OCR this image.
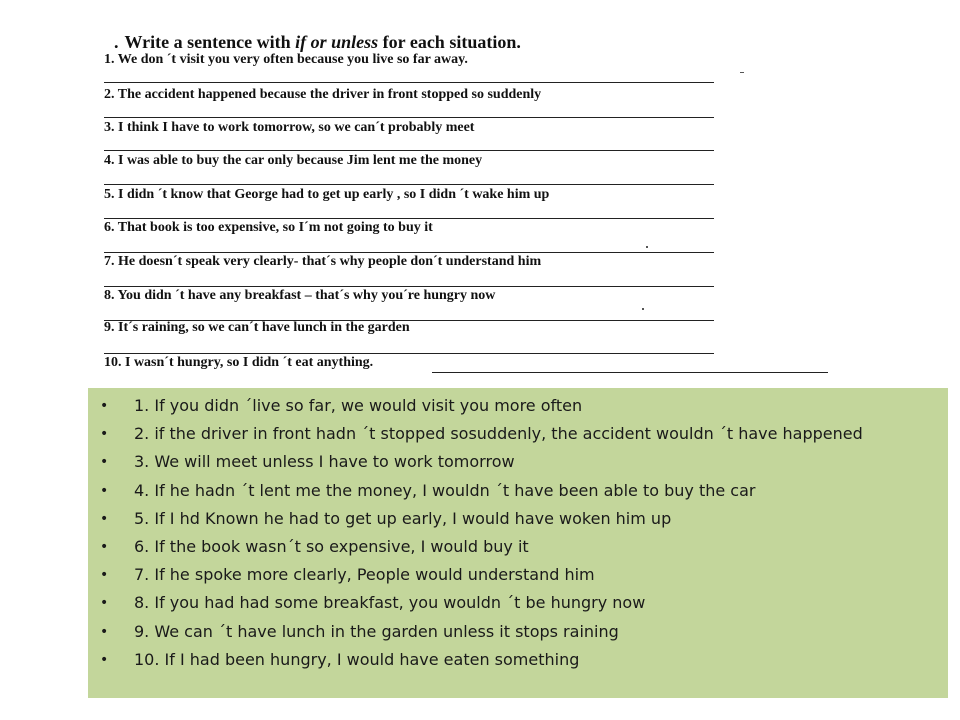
. Write a sentence with if or unless for each situation.
1. We don ´t visit you very often because you live so far away.
2. The accident happened because the driver in front stopped so suddenly
3. I think I have to work tomorrow, so we can´t probably meet
4. I was able to buy the car only because Jim lent me the money
5. I didn ´t know that George had to get up early , so I didn ´t wake him up
6. That book is too expensive, so I´m not going to buy it
7. He doesn´t speak very clearly- that´s why people don´t understand him
8. You didn ´t have any breakfast – that´s why you´re hungry now
9. It´s raining, so we can´t have lunch in the garden
10. I wasn´t hungry, so I didn ´t eat anything.
• 1. If you didn ´live so far, we would visit you more often
• 2. if the driver in front hadn ´t stopped sosuddenly, the accident wouldn ´t have happened
• 3. We will meet unless I have to work tomorrow
• 4. If he hadn ´t lent me the money, I wouldn ´t have been able to buy the car
• 5. If I hd Known he had to get up early, I would have woken him up
• 6. If the book wasn´t so expensive, I would buy it
• 7. If he spoke more clearly, People would understand him
• 8. If you had had some breakfast, you wouldn ´t be hungry now
• 9. We can ´t have lunch in the garden unless it stops raining
• 10. If I had been hungry, I would have eaten something
